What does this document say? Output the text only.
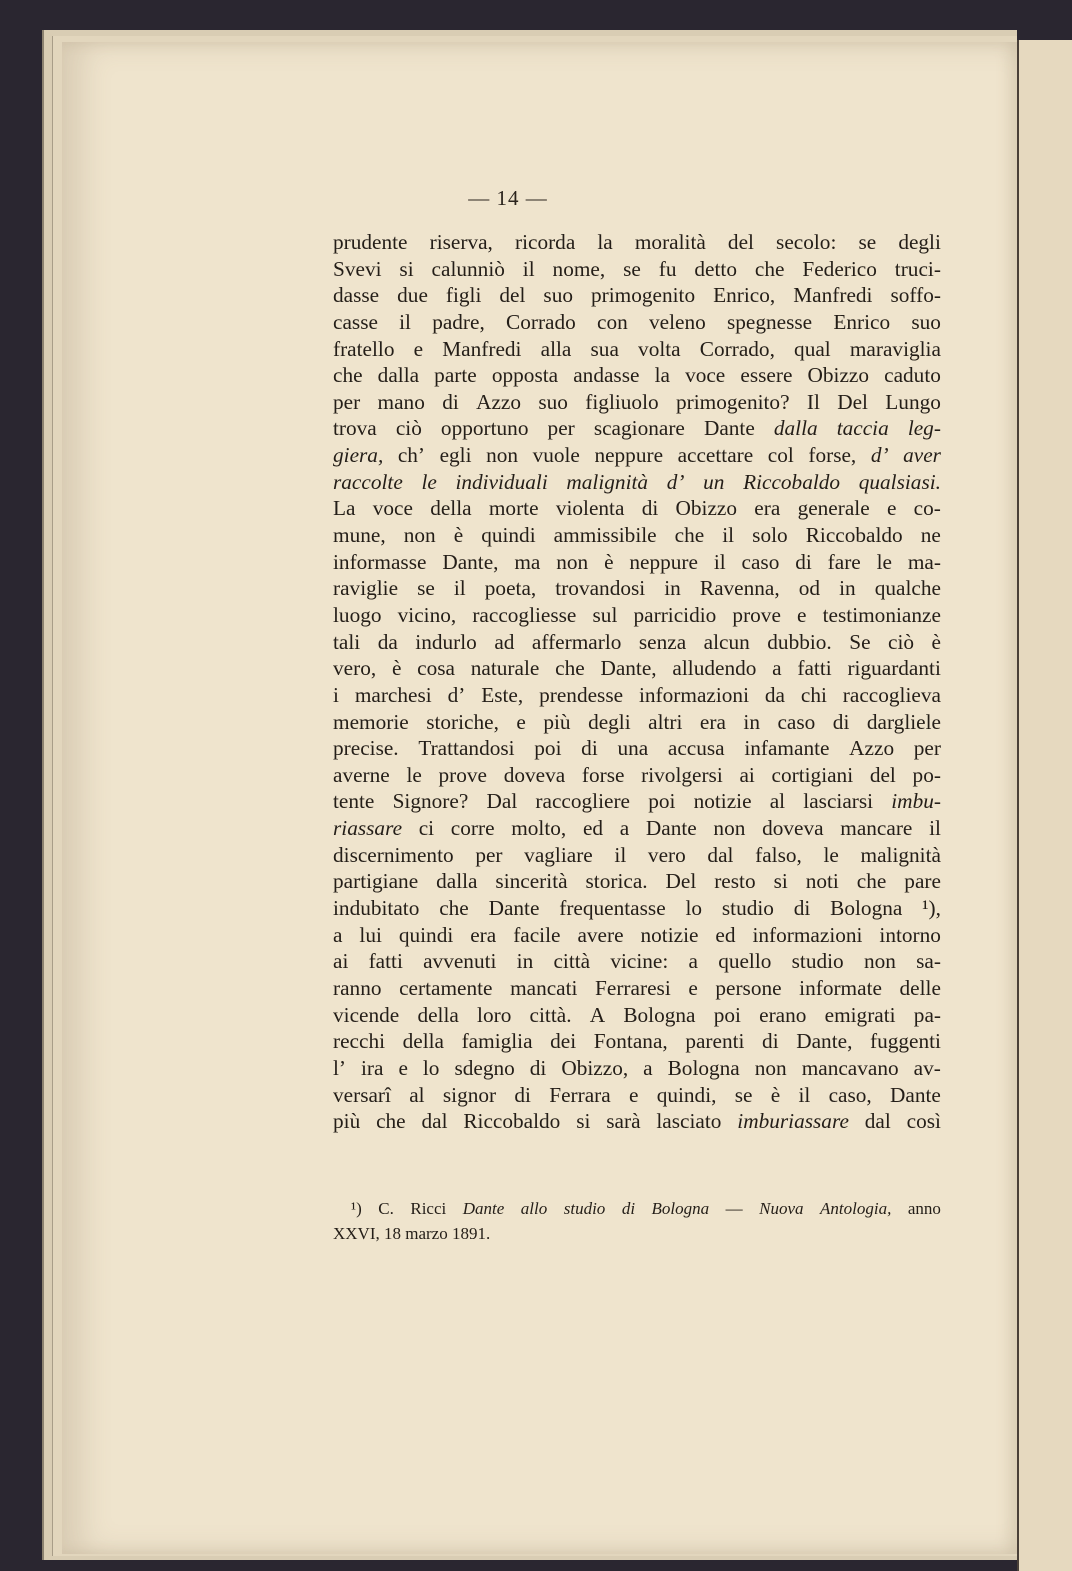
— 14 —
prudente riserva, ricorda la moralità del secolo: se degli
Svevi si calunniò il nome, se fu detto che Federico truci-
dasse due figli del suo primogenito Enrico, Manfredi soffo-
casse il padre, Corrado con veleno spegnesse Enrico suo
fratello e Manfredi alla sua volta Corrado, qual maraviglia
che dalla parte opposta andasse la voce essere Obizzo caduto
per mano di Azzo suo figliuolo primogenito? Il Del Lungo
trova ciò opportuno per scagionare Dante dalla taccia leg-
giera, ch’ egli non vuole neppure accettare col forse, d’ aver
raccolte le individuali malignità d’ un Riccobaldo qualsiasi.
La voce della morte violenta di Obizzo era generale e co-
mune, non è quindi ammissibile che il solo Riccobaldo ne
informasse Dante, ma non è neppure il caso di fare le ma-
raviglie se il poeta, trovandosi in Ravenna, od in qualche
luogo vicino, raccogliesse sul parricidio prove e testimonianze
tali da indurlo ad affermarlo senza alcun dubbio. Se ciò è
vero, è cosa naturale che Dante, alludendo a fatti riguardanti
i marchesi d’ Este, prendesse informazioni da chi raccoglieva
memorie storiche, e più degli altri era in caso di dargliele
precise. Trattandosi poi di una accusa infamante Azzo per
averne le prove doveva forse rivolgersi ai cortigiani del po-
tente Signore? Dal raccogliere poi notizie al lasciarsi imbu-
riassare ci corre molto, ed a Dante non doveva mancare il
discernimento per vagliare il vero dal falso, le malignità
partigiane dalla sincerità storica. Del resto si noti che pare
indubitato che Dante frequentasse lo studio di Bologna ¹),
a lui quindi era facile avere notizie ed informazioni intorno
ai fatti avvenuti in città vicine: a quello studio non sa-
ranno certamente mancati Ferraresi e persone informate delle
vicende della loro città. A Bologna poi erano emigrati pa-
recchi della famiglia dei Fontana, parenti di Dante, fuggenti
l’ ira e lo sdegno di Obizzo, a Bologna non mancavano av-
versarî al signor di Ferrara e quindi, se è il caso, Dante
più che dal Riccobaldo si sarà lasciato imburiassare dal così
¹) C. Ricci Dante allo studio di Bologna — Nuova Antologia, anno
XXVI, 18 marzo 1891.
